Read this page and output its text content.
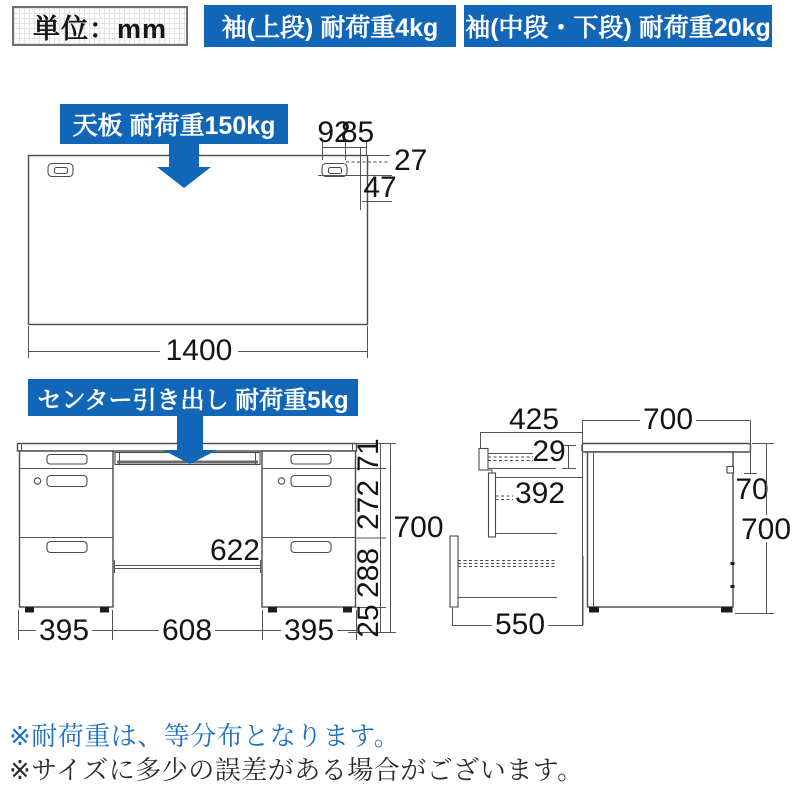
単位：mm	袖(上段) 耐荷重4kg	袖(中段・下段) 耐荷重20kg
天板 耐荷重150kg
センター引き出し 耐荷重5kg
92
85
27
47
1400
622
395 608 395
71
272
288
25
700
425
29
392
700
70
700
550
※耐荷重は、等分布となります。
※サイズに多少の誤差がある場合がございます。
